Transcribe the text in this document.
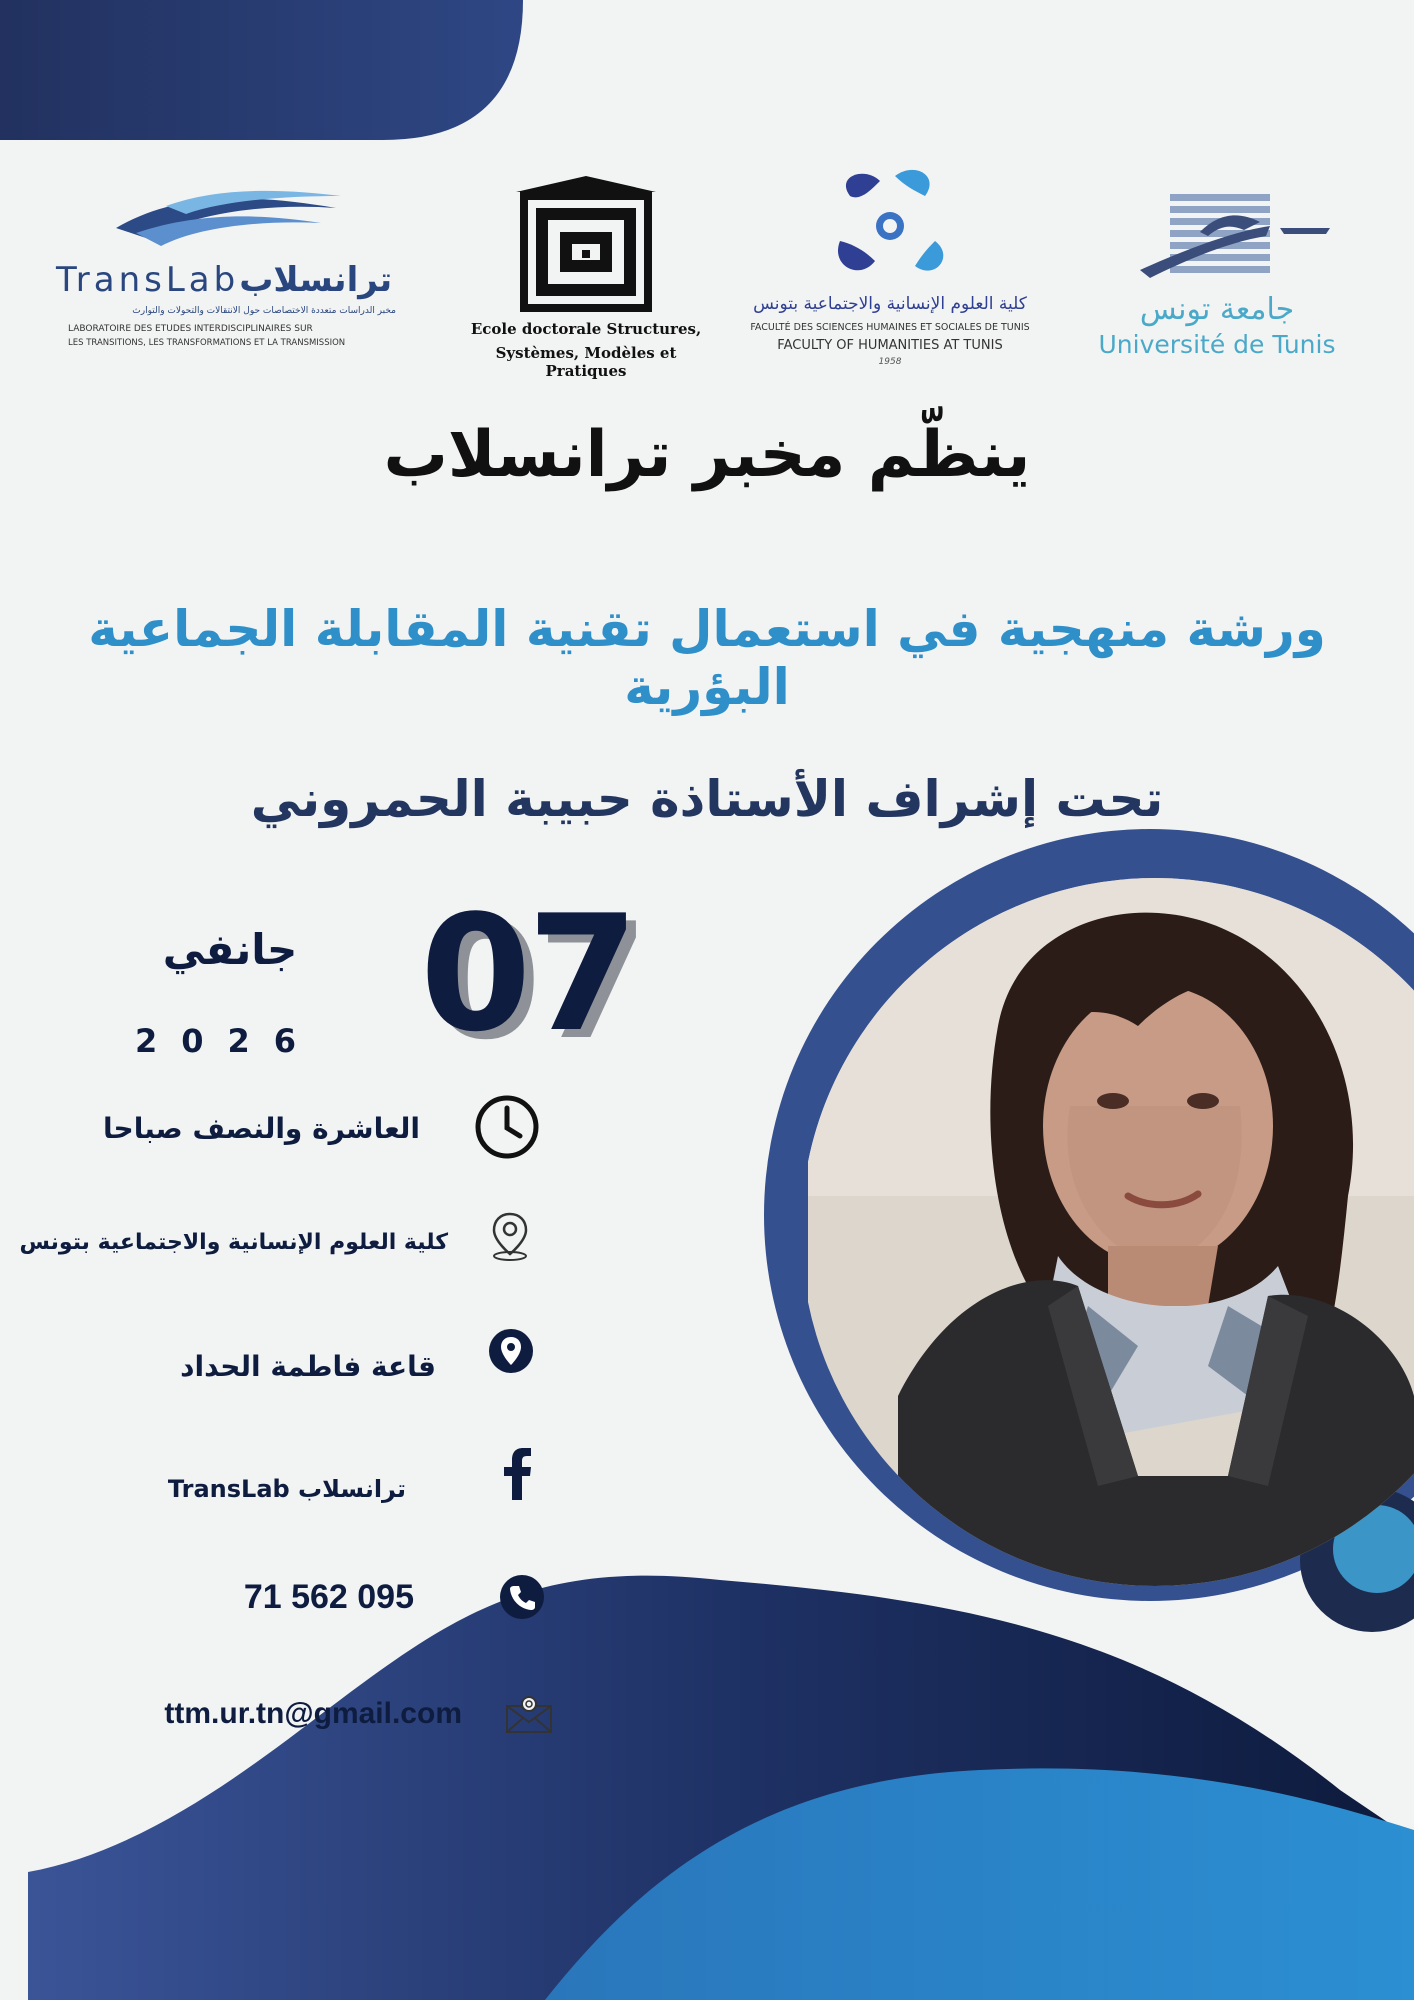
TransLabترانسلاب
مخبر الدراسات متعددة الاختصاصات حول الانتقالات والتحولات والتوارث
LABORATOIRE DES ETUDES INTERDISCIPLINAIRES SUR
LES TRANSITIONS, LES TRANSFORMATIONS ET LA TRANSMISSION
Ecole doctorale Structures,
Systèmes, Modèles et Pratiques
كلية العلوم الإنسانية والاجتماعية بتونس
FACULTÉ DES SCIENCES HUMAINES ET SOCIALES DE TUNIS
FACULTY OF HUMANITIES AT TUNIS
1958
جامعة تونس
Université de Tunis
ينظّم مخبر ترانسلاب
ورشة منهجية في استعمال تقنية المقابلة الجماعية البؤرية
تحت إشراف الأستاذة حبيبة الحمروني
07
جانفي
2026
العاشرة والنصف صباحا
كلية العلوم الإنسانية والاجتماعية بتونس
قاعة فاطمة الحداد
ترانسلاب TransLab
71 562 095
ttm.ur.tn@gmail.com
